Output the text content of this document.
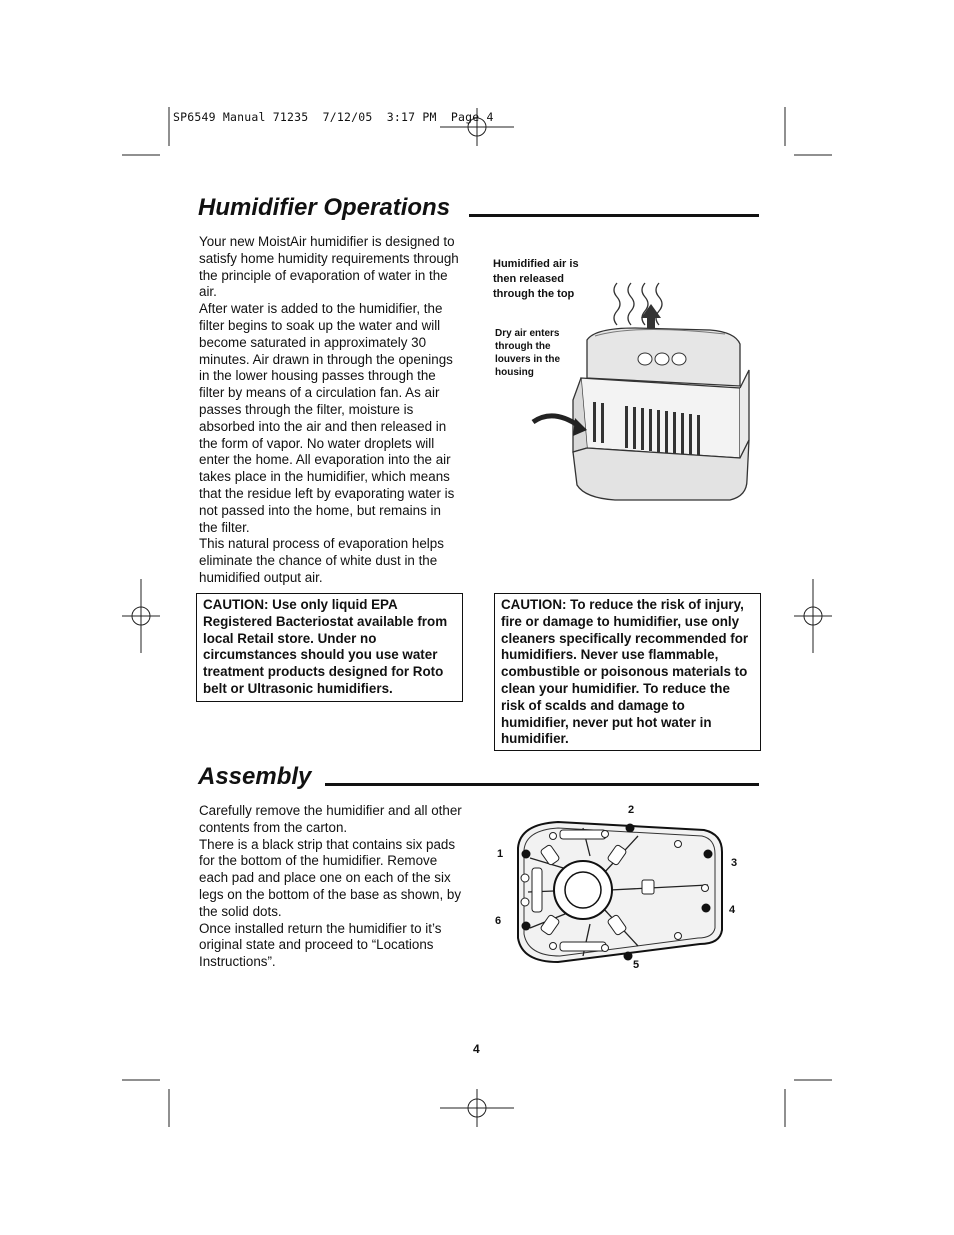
SP6549 Manual 71235  7/12/05  3:17 PM  Page 4
Humidifier Operations

Your new MoistAir humidifier is designed to satisfy home humidity requirements through the principle of evaporation of water in the air.

After water is added to the humidifier, the filter begins to soak up the water and will become saturated in approximately 30 minutes. Air drawn in through the openings in the lower housing passes through the filter by means of a circulation fan. As air passes through the filter, moisture is absorbed into the air and then released in the form of vapor. No water droplets will enter the home. All evaporation into the air takes place in the humidifier, which means that the residue left by evaporating water is not passed into the home, but remains in the filter.

This natural process of evaporation helps eliminate the chance of white dust in the humidified output air.

Humidified air is then released through the top
Dry air enters through the louvers in the housing
CAUTION: Use only liquid EPA Registered Bacteriostat available from local Retail store. Under no circumstances should you use water treatment products designed for Roto belt or Ultrasonic humidifiers.
CAUTION: To reduce the risk of injury, fire or damage to humidifier, use only cleaners specifically recommended for humidifiers. Never use flammable, combustible or poisonous materials to clean your humidifier. To reduce the risk of scalds and damage to humidifier, never put hot water in humidifier.
Assembly

Carefully remove the humidifier and all other contents from the carton.

There is a black strip that contains six pads for the bottom of the humidifier. Remove each pad and place one on each of the six legs on the bottom of the base as shown, by the solid dots.

Once installed return the humidifier to it’s original state and proceed to “Locations Instructions”.

1
2
3
4
5
6
4
